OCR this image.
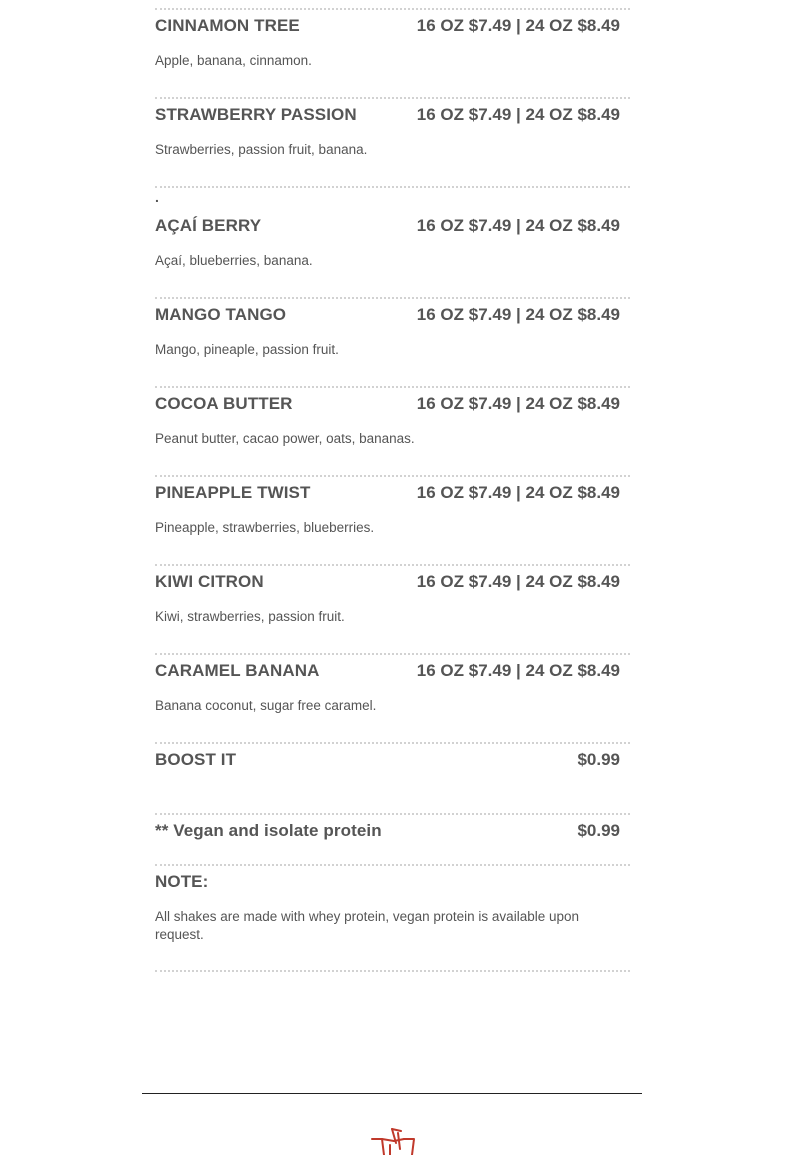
CINNAMON TREE	16 OZ $7.49 | 24 OZ $8.49
Apple, banana, cinnamon.
STRAWBERRY PASSION	16 OZ $7.49 | 24 OZ $8.49
Strawberries, passion fruit, banana.
.
AÇAÍ BERRY	16 OZ $7.49 | 24 OZ $8.49
Açaí, blueberries, banana.
MANGO TANGO	16 OZ $7.49 | 24 OZ $8.49
Mango, pineaple, passion fruit.
COCOA BUTTER	16 OZ $7.49 | 24 OZ $8.49
Peanut butter, cacao power, oats, bananas.
PINEAPPLE TWIST	16 OZ $7.49 | 24 OZ $8.49
Pineapple, strawberries, blueberries.
KIWI CITRON	16 OZ $7.49 | 24 OZ $8.49
Kiwi, strawberries, passion fruit.
CARAMEL BANANA	16 OZ $7.49 | 24 OZ $8.49
Banana coconut, sugar free caramel.
BOOST IT	$0.99
** Vegan and isolate protein	$0.99
NOTE:
All shakes are made with whey protein, vegan protein is available upon request.
